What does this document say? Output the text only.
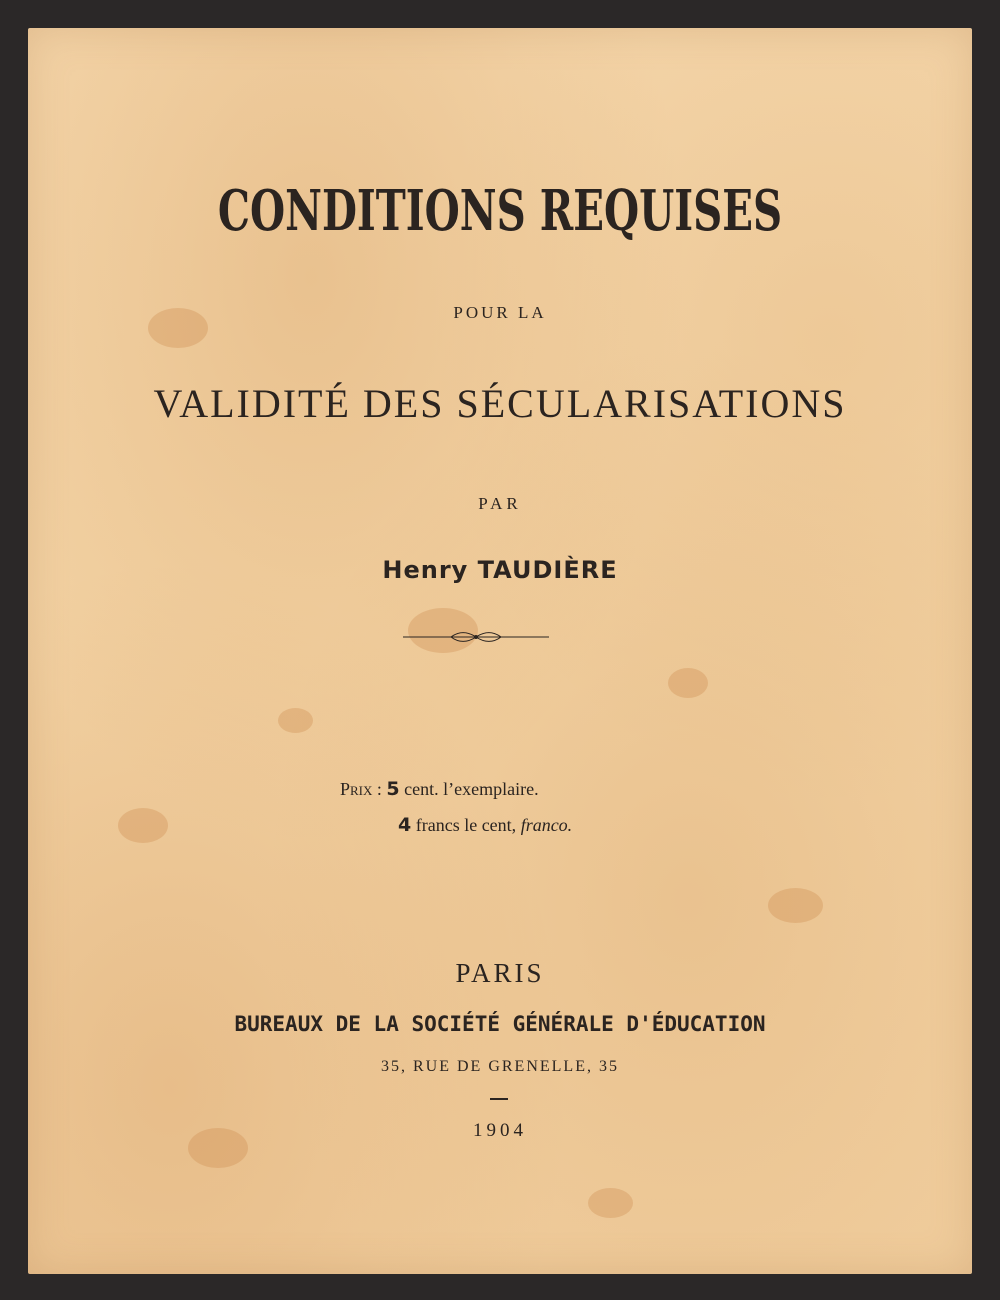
CONDITIONS REQUISES
POUR LA
VALIDITÉ DES SÉCULARISATIONS
PAR
Henry TAUDIÈRE
Prix : 5 cent. l’exemplaire.
4 francs le cent, franco.
PARIS
BUREAUX DE LA SOCIÉTÉ GÉNÉRALE D'ÉDUCATION
35, RUE DE GRENELLE, 35
1904
